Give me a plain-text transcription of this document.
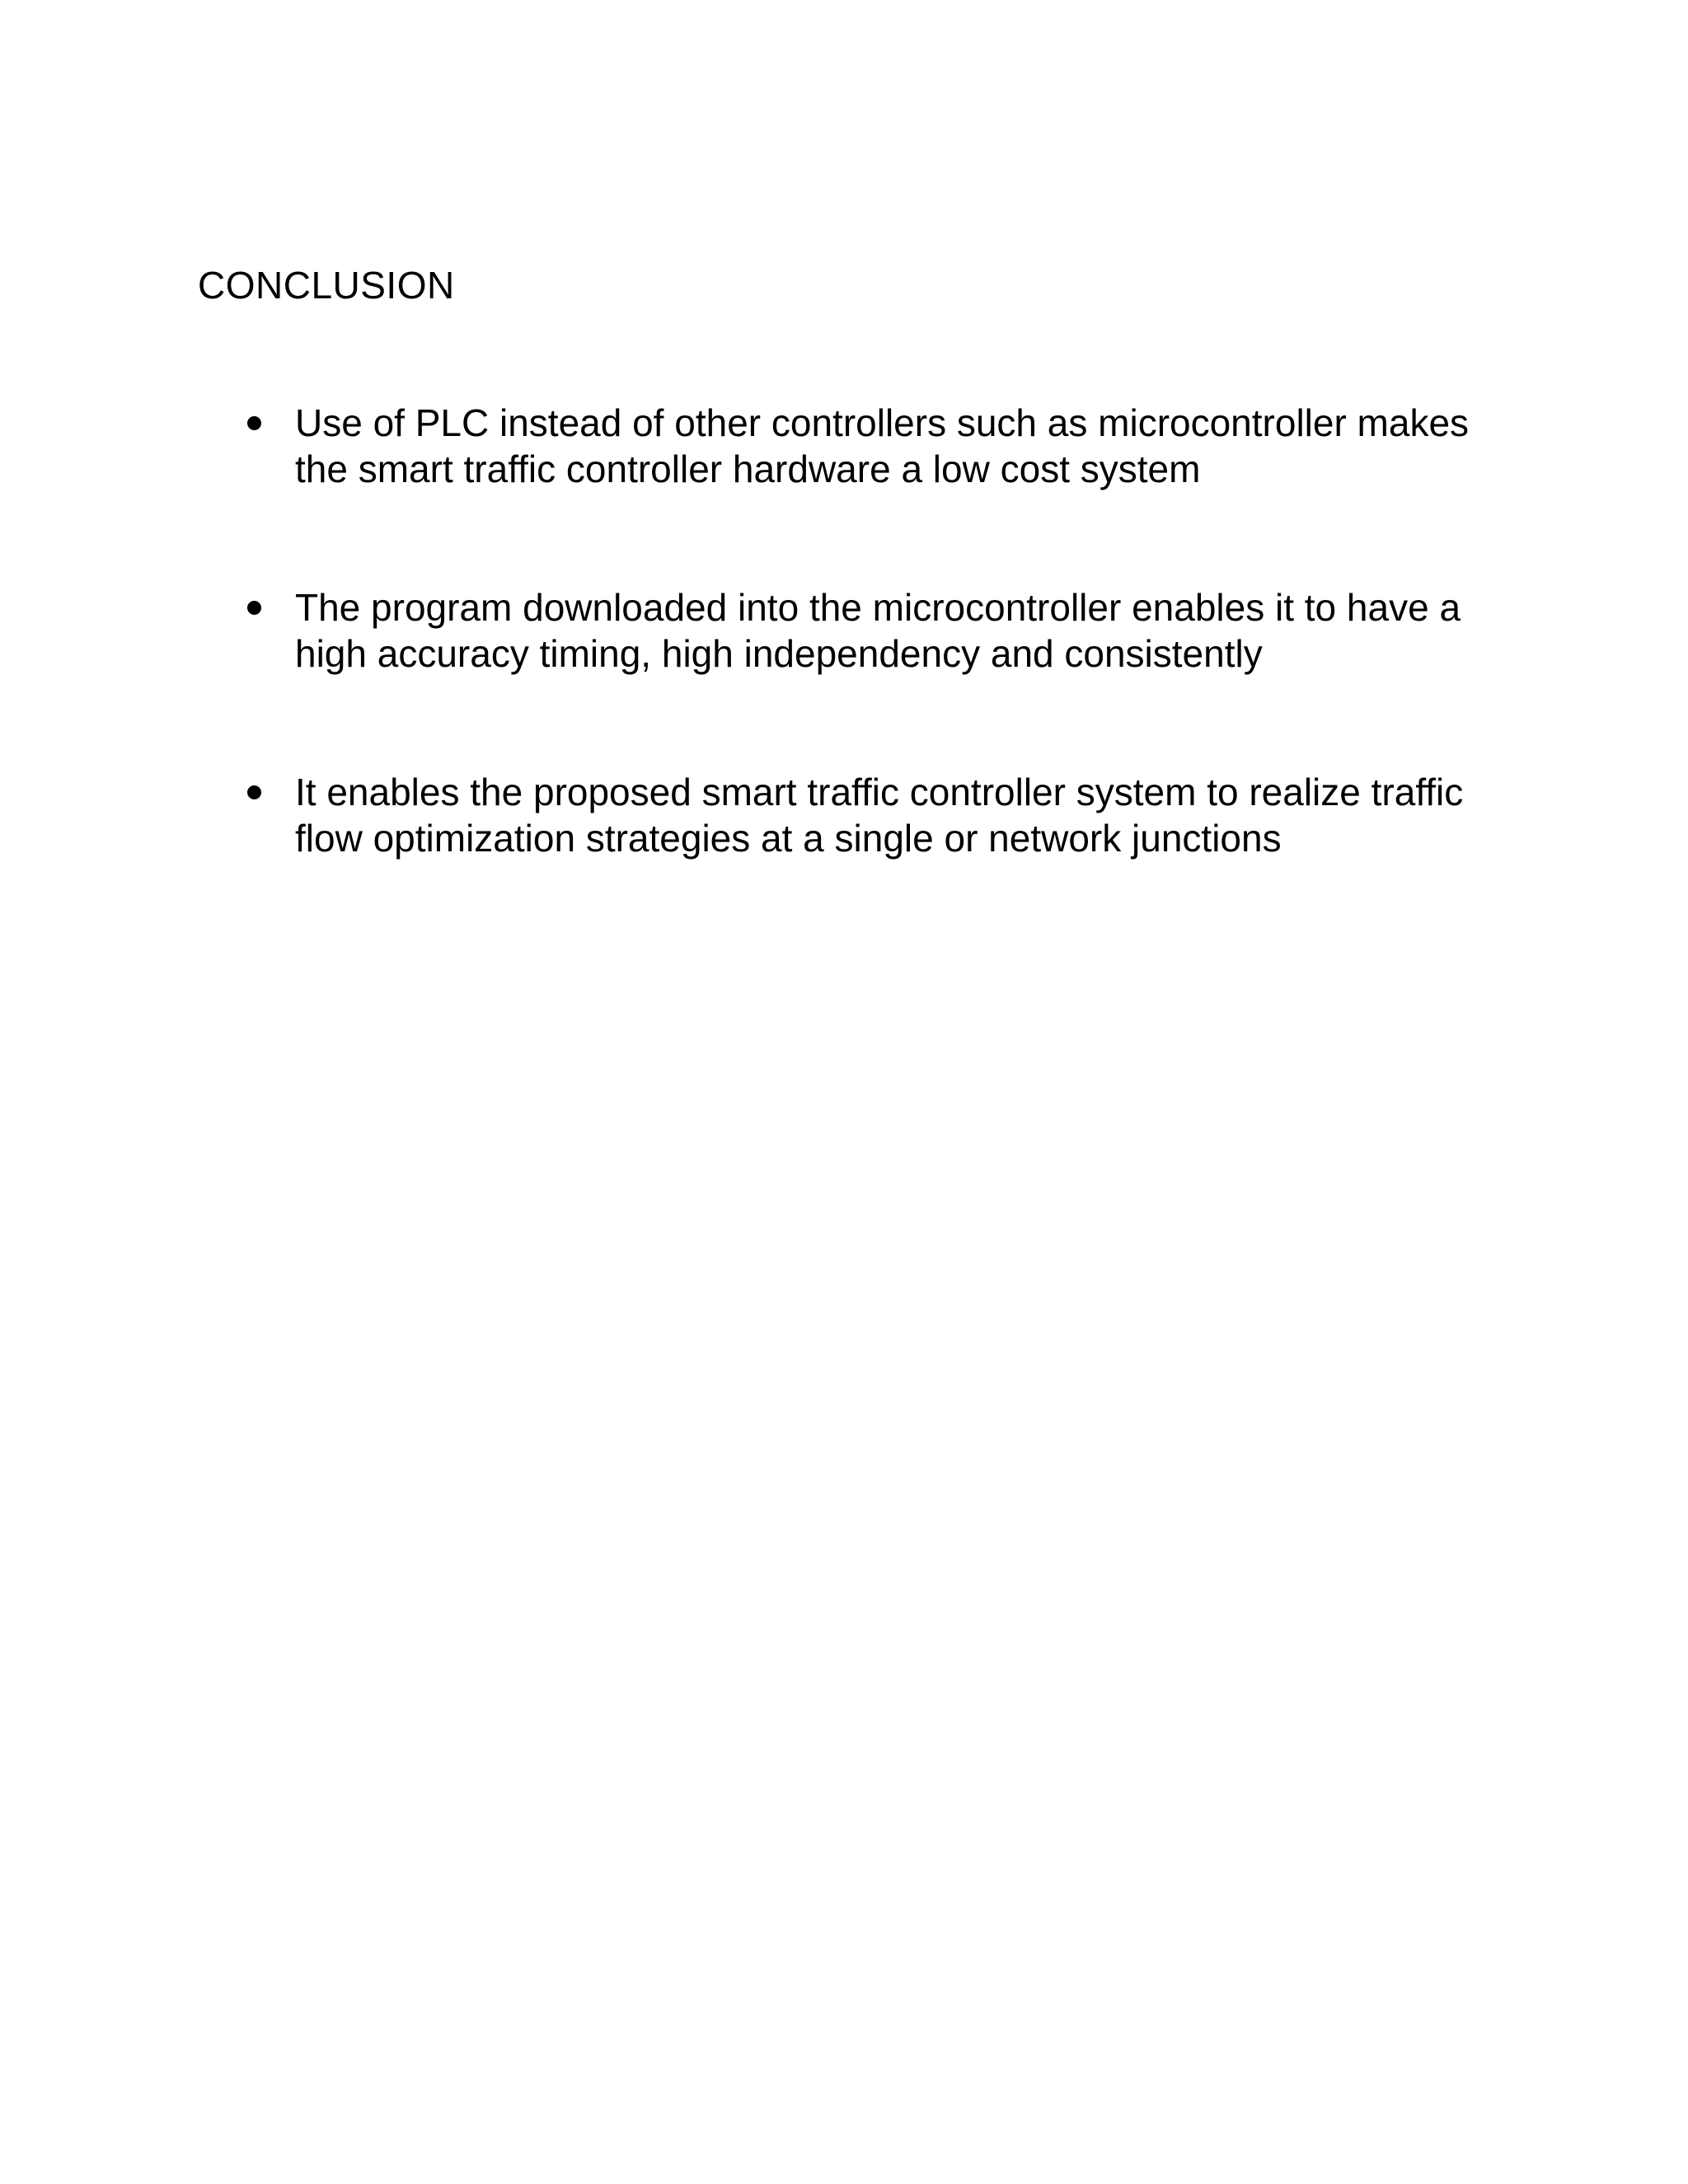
CONCLUSION
Use of PLC instead of other controllers such as microcontroller makes
the smart traffic controller hardware a low cost system
The program downloaded into the microcontroller enables it to have a
high accuracy timing, high independency and consistently
It enables the proposed smart traffic controller system to realize traffic
flow optimization strategies at a single or network junctions
